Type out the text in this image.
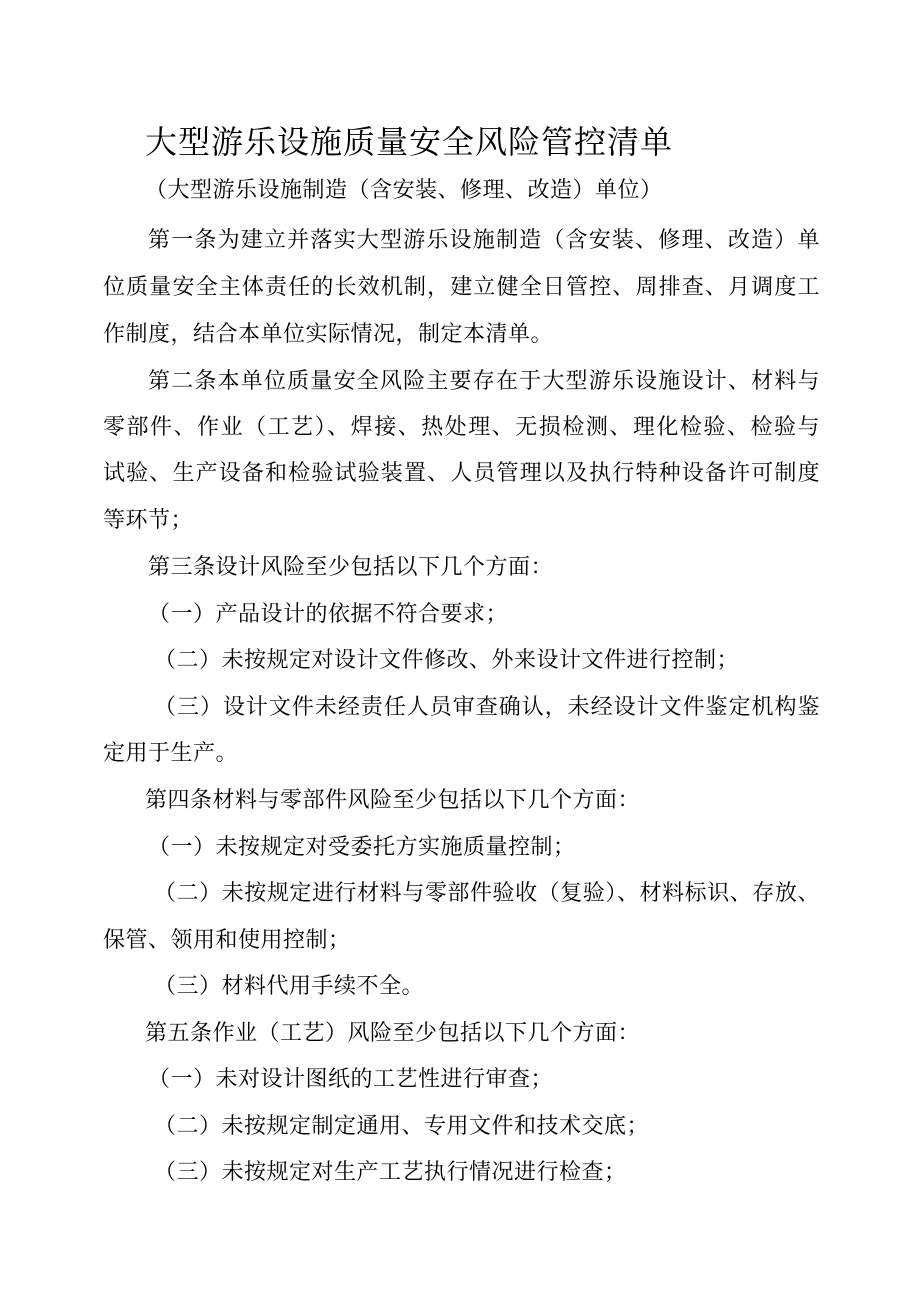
大型游乐设施质量安全风险管控清单
（大型游乐设施制造（含安装、修理、改造）单位）
第一条为建立并落实大型游乐设施制造（含安装、修理、改造）单
位质量安全主体责任的长效机制，建立健全日管控、周排查、月调度工
作制度，结合本单位实际情况，制定本清单。
第二条本单位质量安全风险主要存在于大型游乐设施设计、材料与
零部件、作业（工艺）、焊接、热处理、无损检测、理化检验、检验与
试验、生产设备和检验试验装置、人员管理以及执行特种设备许可制度
等环节；
第三条设计风险至少包括以下几个方面：
（一）产品设计的依据不符合要求；
（二）未按规定对设计文件修改、外来设计文件进行控制；
（三）设计文件未经责任人员审查确认，未经设计文件鉴定机构鉴
定用于生产。
第四条材料与零部件风险至少包括以下几个方面：
（一）未按规定对受委托方实施质量控制；
（二）未按规定进行材料与零部件验收（复验）、材料标识、存放、
保管、领用和使用控制；
（三）材料代用手续不全。
第五条作业（工艺）风险至少包括以下几个方面：
（一）未对设计图纸的工艺性进行审查；
（二）未按规定制定通用、专用文件和技术交底；
（三）未按规定对生产工艺执行情况进行检查；
